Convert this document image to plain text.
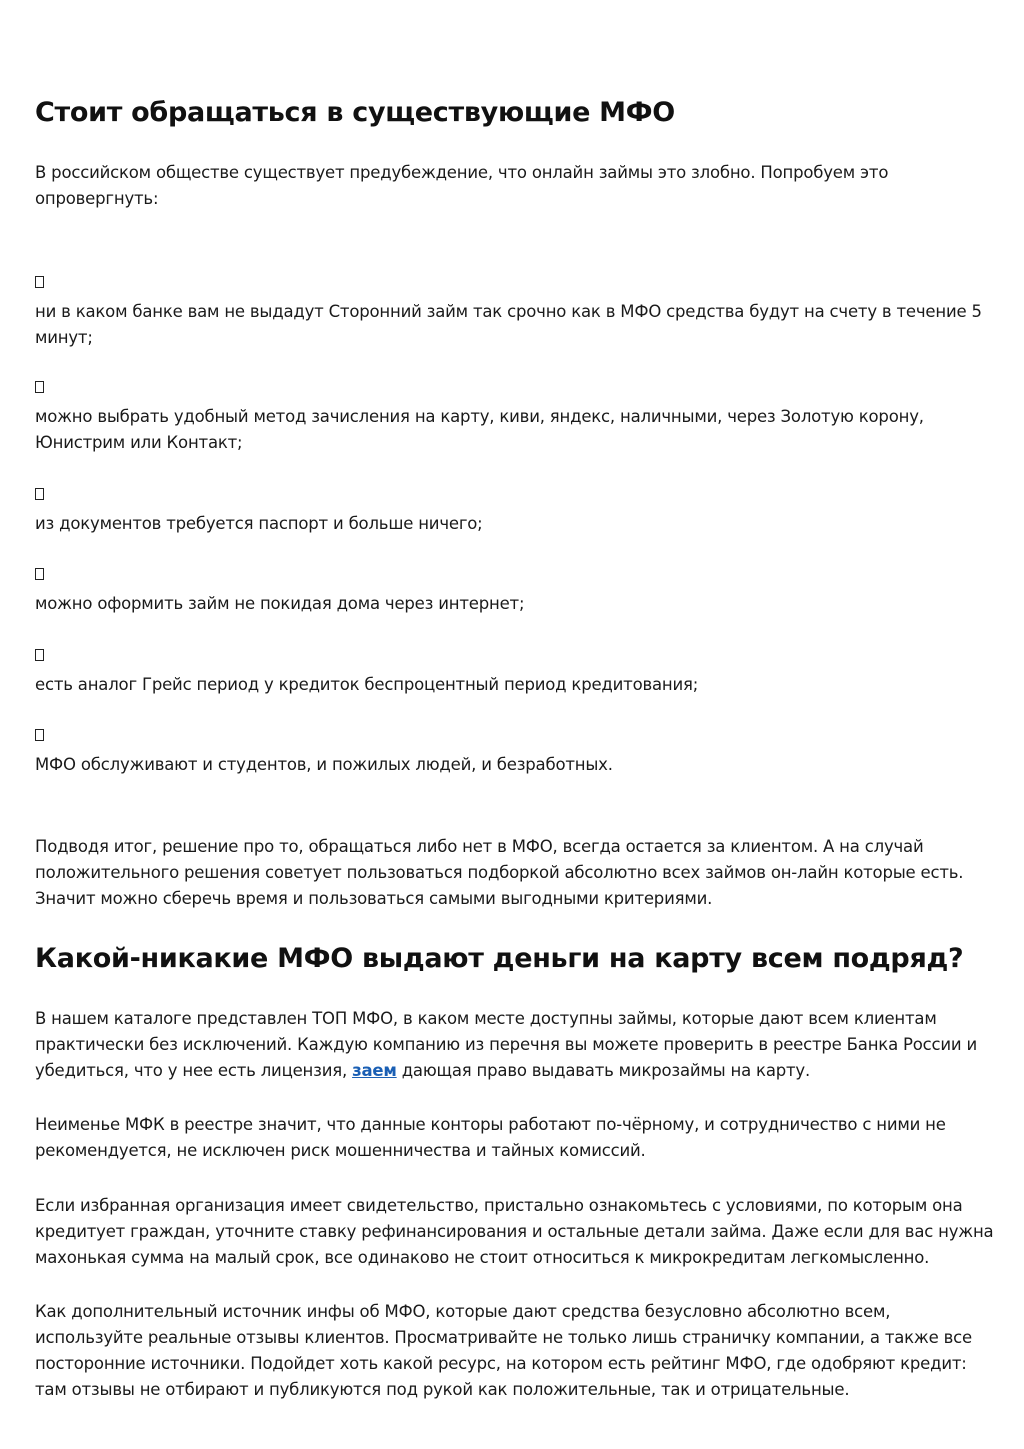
Стоит обращаться в существующие МФО

В российском обществе существует предубеждение, что онлайн займы это злобно. Попробуем это опровергнуть:

ни в каком банке вам не выдадут Сторонний займ так срочно как в МФО средства будут на счету в течение 5 минут;

можно выбрать удобный метод зачисления на карту, киви, яндекс, наличными, через Золотую корону, Юнистрим или Контакт;

из документов требуется паспорт и больше ничего;

можно оформить займ не покидая дома через интернет;

есть аналог Грейс период у кредиток беспроцентный период кредитования;

МФО обслуживают и студентов, и пожилых людей, и безработных.

Подводя итог, решение про то, обращаться либо нет в МФО, всегда остается за клиентом. А на случай положительного решения советует пользоваться подборкой абсолютно всех займов он-лайн которые есть. Значит можно сберечь время и пользоваться самыми выгодными критериями.

Какой-никакие МФО выдают деньги на карту всем подряд?

В нашем каталоге представлен ТОП МФО, в каком месте доступны займы, которые дают всем клиентам практически без исключений. Каждую компанию из перечня вы можете проверить в реестре Банка России и убедиться, что у нее есть лицензия, заем дающая право выдавать микрозаймы на карту.

Неименье МФК в реестре значит, что данные конторы работают по-чёрному, и сотрудничество с ними не рекомендуется, не исключен риск мошенничества и тайных комиссий.

Если избранная организация имеет свидетельство, пристально ознакомьтесь с условиями, по которым она кредитует граждан, уточните ставку рефинансирования и остальные детали займа. Даже если для вас нужна махонькая сумма на малый срок, все одинаково не стоит относиться к микрокредитам легкомысленно.

Как дополнительный источник инфы об МФО, которые дают средства безусловно абсолютно всем, используйте реальные отзывы клиентов. Просматривайте не только лишь страничку компании, а также все посторонние источники. Подойдет хоть какой ресурс, на котором есть рейтинг МФО, где одобряют кредит: там отзывы не отбирают и публикуются под рукой как положительные, так и отрицательные.
